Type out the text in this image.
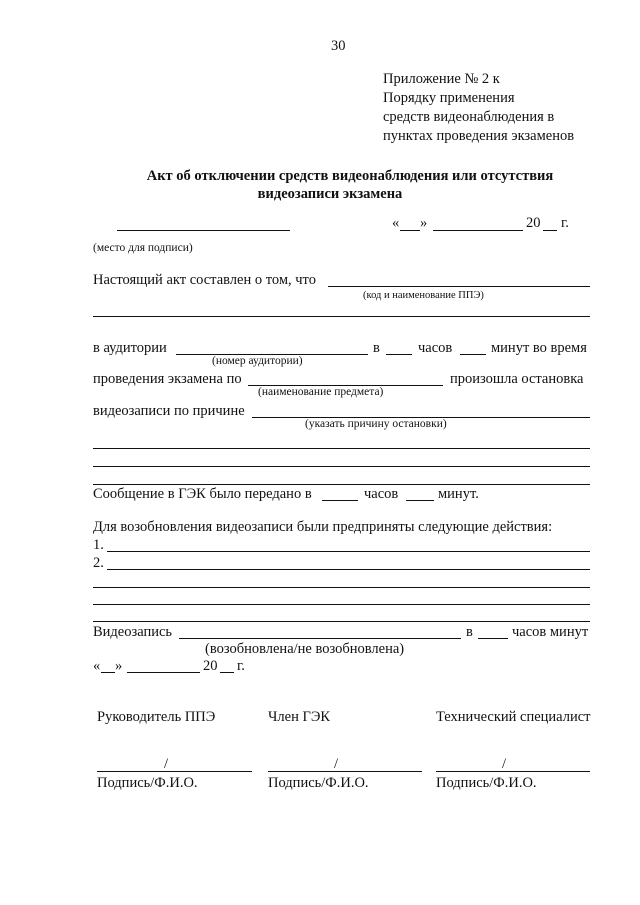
30
Приложение № 2 к
Порядку применения
средств видеонаблюдения в
пунктах проведения экзаменов
Акт об отключении средств видеонаблюдения или отсутствия
видеозаписи экзамена
« »	20 г.
(место для подписи)
Настоящий акт составлен о том, что
(код и наименование ППЭ)
в аудитории	в	часов	минут во время
(номер аудитории)
проведения экзамена по	произошла остановка
(наименование предмета)
видеозаписи по причине
(указать причину остановки)
Сообщение в ГЭК было передано в	часов	минут.
Для возобновления видеозаписи были предприняты следующие действия:
1.
2.
Видеозапись	в	часов минут
(возобновлена/не возобновлена)
« »	20 г.
Руководитель ППЭ	Член ГЭК	Технический специалист
/
Подпись/Ф.И.О.
/
Подпись/Ф.И.О.
/
Подпись/Ф.И.О.
